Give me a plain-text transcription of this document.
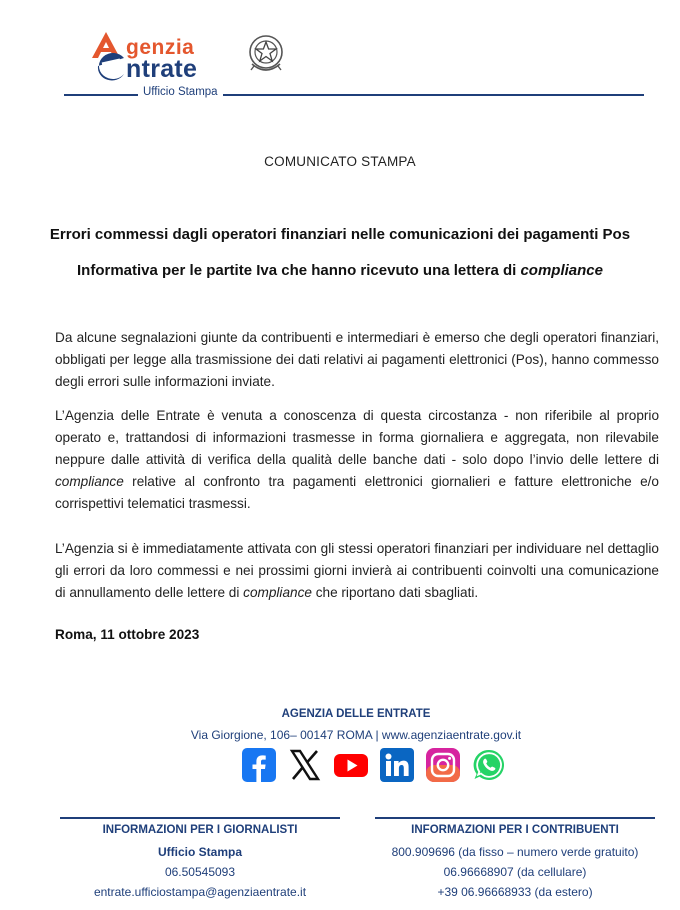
genzia
ntrate
Ufficio Stampa
COMUNICATO STAMPA
Errori commessi dagli operatori finanziari nelle comunicazioni dei pagamenti Pos
Informativa per le partite Iva che hanno ricevuto una lettera di compliance

Da alcune segnalazioni giunte da contribuenti e intermediari è emerso che degli operatori finanziari, obbligati per legge alla trasmissione dei dati relativi ai pagamenti elettronici (Pos), hanno commesso degli errori sulle informazioni inviate.

L’Agenzia delle Entrate è venuta a conoscenza di questa circostanza - non riferibile al proprio operato e, trattandosi di informazioni trasmesse in forma giornaliera e aggregata, non rilevabile neppure dalle attività di verifica della qualità delle banche dati - solo dopo l’invio delle lettere di compliance relative al confronto tra pagamenti elettronici giornalieri e fatture elettroniche e/o corrispettivi telematici trasmessi.

L’Agenzia si è immediatamente attivata con gli stessi operatori finanziari per individuare nel dettaglio gli errori da loro commessi e nei prossimi giorni invierà ai contribuenti coinvolti una comunicazione di annullamento delle lettere di compliance che riportano dati sbagliati.

Roma, 11 ottobre 2023
AGENZIA DELLE ENTRATE
Via Giorgione, 106– 00147 ROMA | www.agenziaentrate.gov.it
INFORMAZIONI PER I GIORNALISTI
Ufficio Stampa
06.50545093
entrate.ufficiostampa@agenziaentrate.it
INFORMAZIONI PER I CONTRIBUENTI
800.909696 (da fisso – numero verde gratuito)
06.96668907 (da cellulare)
+39 06.96668933 (da estero)
